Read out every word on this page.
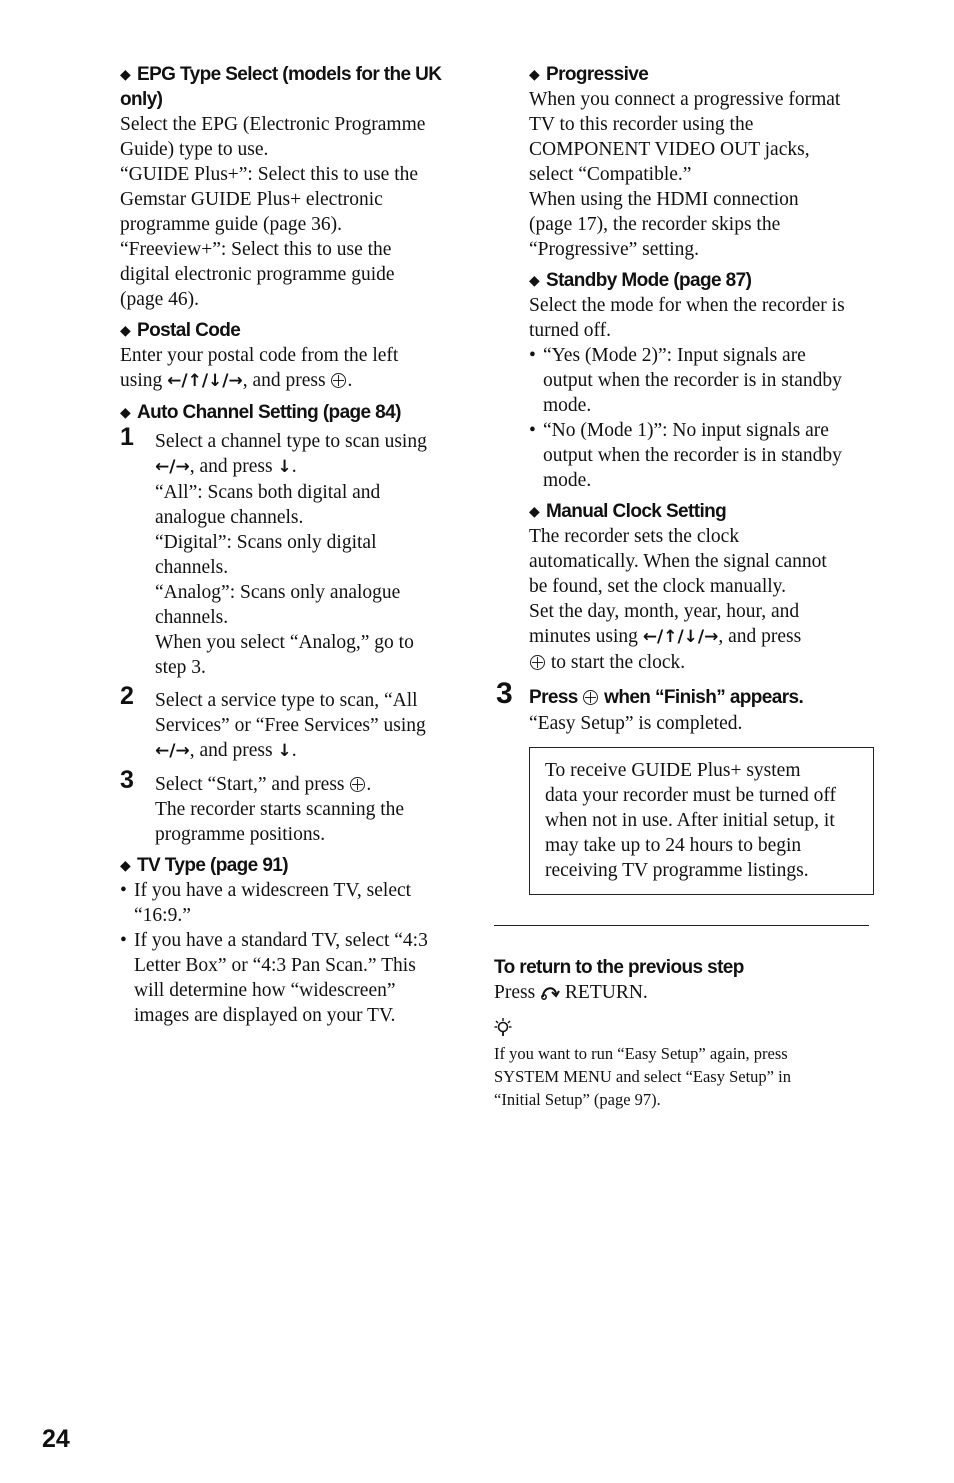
◆ EPG Type Select (models for the UK only)
Select the EPG (Electronic Programme
Guide) type to use.
“GUIDE Plus+”: Select this to use the
Gemstar GUIDE Plus+ electronic
programme guide (page 36).
“Freeview+”: Select this to use the
digital electronic programme guide
(page 46).
◆ Postal Code
Enter your postal code from the left
using ←/↑/↓/→, and press .
◆ Auto Channel Setting (page 84)
1 Select a channel type to scan using
←/→, and press ↓.
“All”: Scans both digital and
analogue channels.
“Digital”: Scans only digital
channels.
“Analog”: Scans only analogue
channels.
When you select “Analog,” go to
step 3.
2 Select a service type to scan, “All
Services” or “Free Services” using
←/→, and press ↓.
3 Select “Start,” and press .
The recorder starts scanning the
programme positions.
◆ TV Type (page 91)
• If you have a widescreen TV, select
“16:9.”
• If you have a standard TV, select “4:3
Letter Box” or “4:3 Pan Scan.” This
will determine how “widescreen”
images are displayed on your TV.
◆ Progressive
When you connect a progressive format
TV to this recorder using the
COMPONENT VIDEO OUT jacks,
select “Compatible.”
When using the HDMI connection
(page 17), the recorder skips the
“Progressive” setting.
◆ Standby Mode (page 87)
Select the mode for when the recorder is
turned off.
• “Yes (Mode 2)”: Input signals are
output when the recorder is in standby
mode.
• “No (Mode 1)”: No input signals are
output when the recorder is in standby
mode.
◆ Manual Clock Setting
The recorder sets the clock
automatically. When the signal cannot
be found, set the clock manually.
Set the day, month, year, hour, and
minutes using ←/↑/↓/→, and press
to start the clock.
3 Press when “Finish” appears.
“Easy Setup” is completed.
To receive GUIDE Plus+ system
data your recorder must be turned off
when not in use. After initial setup, it
may take up to 24 hours to begin
receiving TV programme listings.
To return to the previous step
Press RETURN.
If you want to run “Easy Setup” again, press
SYSTEM MENU and select “Easy Setup” in
“Initial Setup” (page 97).
24
